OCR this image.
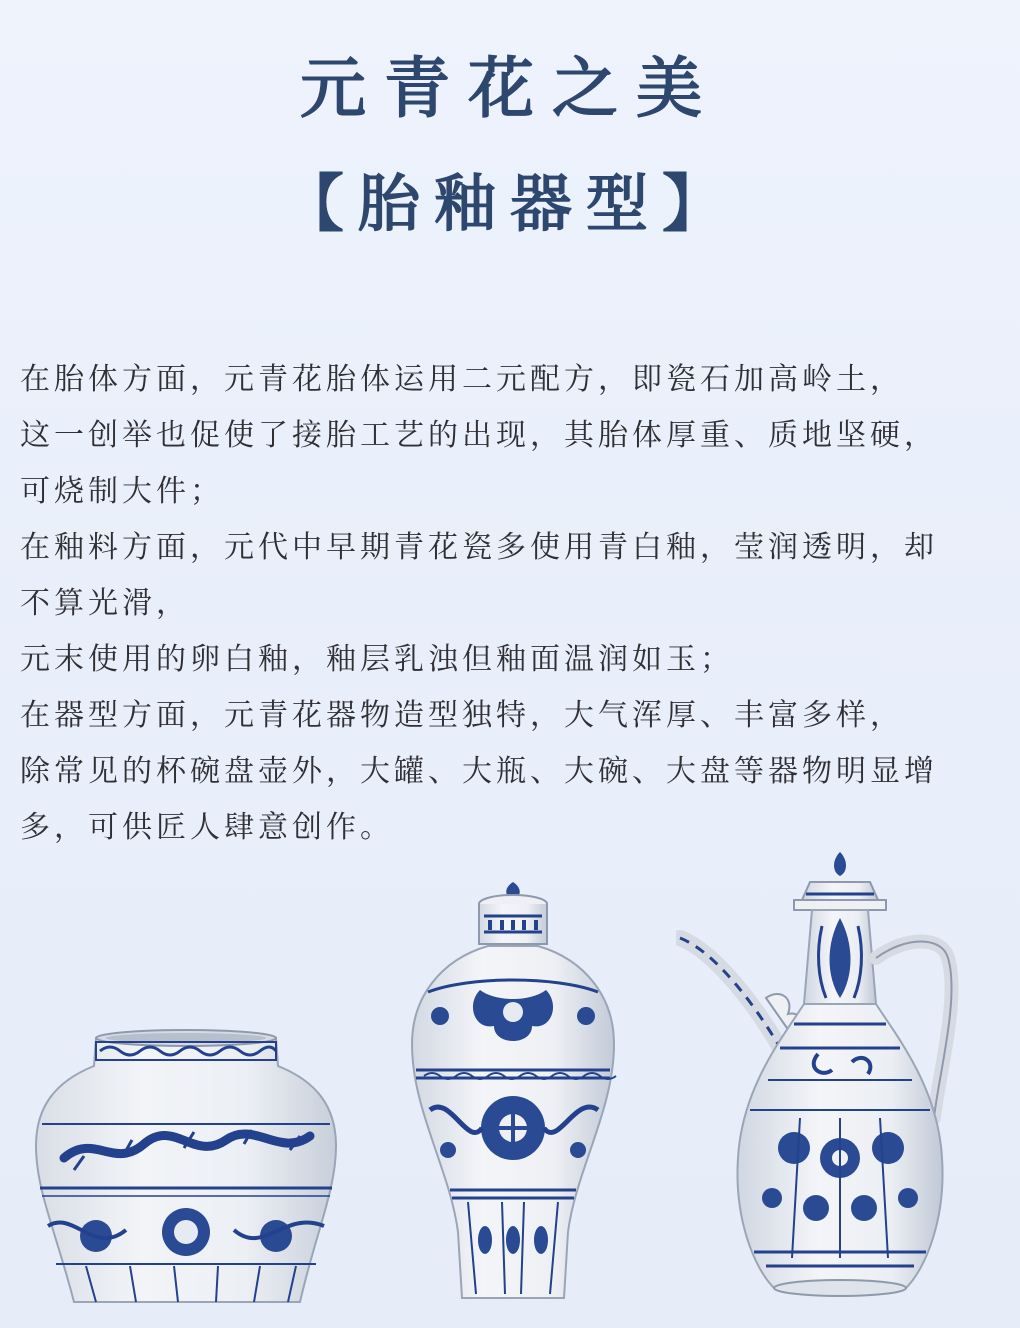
元青花之美
【胎釉器型】
在胎体方面，元青花胎体运用二元配方，即瓷石加高岭土，
这一创举也促使了接胎工艺的出现，其胎体厚重、质地坚硬，
可烧制大件；
在釉料方面，元代中早期青花瓷多使用青白釉，莹润透明，却
不算光滑，
元末使用的卵白釉，釉层乳浊但釉面温润如玉；
在器型方面，元青花器物造型独特，大气浑厚、丰富多样，
除常见的杯碗盘壶外，大罐、大瓶、大碗、大盘等器物明显增
多，可供匠人肆意创作。
